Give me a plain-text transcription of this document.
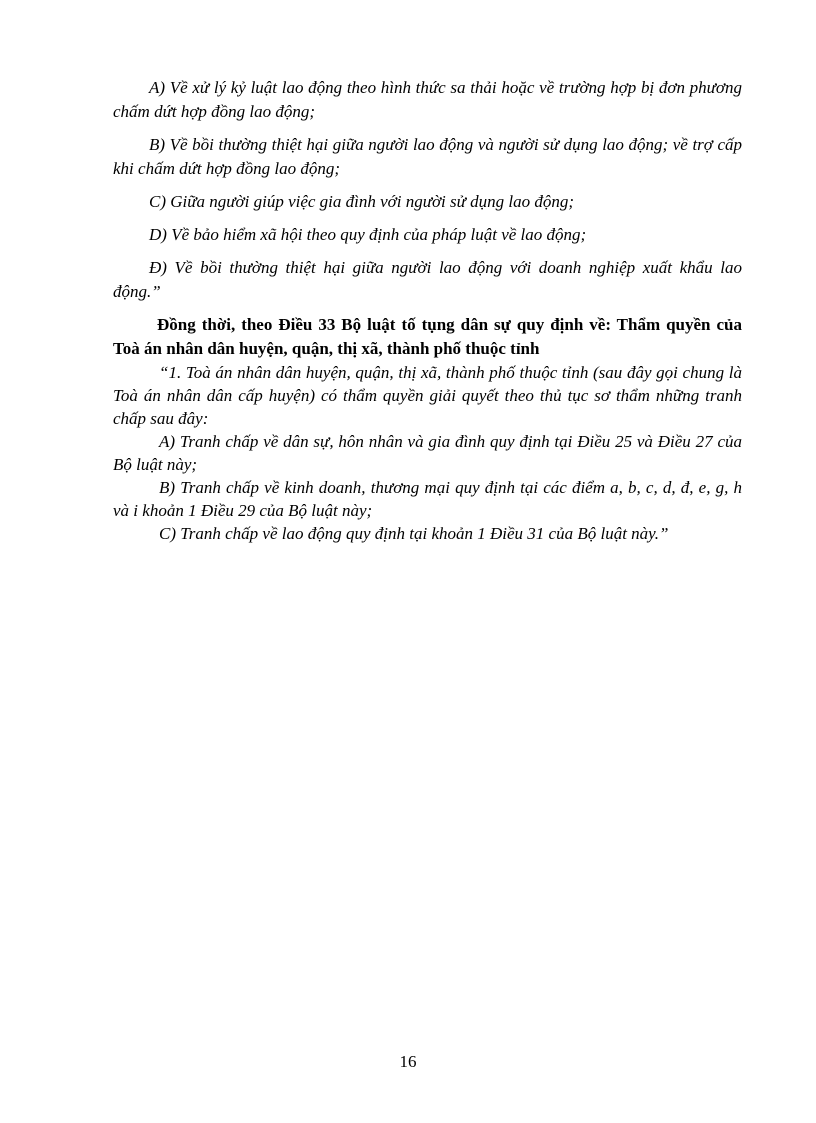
A) Về xử lý kỷ luật lao động theo hình thức sa thải hoặc về trường hợp bị đơn phương chấm dứt hợp đồng lao động;

B) Về bồi thường thiệt hại giữa người lao động và người sử dụng lao động; về trợ cấp khi chấm dứt hợp đồng lao động;

C) Giữa người giúp việc gia đình với người sử dụng lao động;

D) Về bảo hiểm xã hội theo quy định của pháp luật về lao động;

Đ) Về bồi thường thiệt hại giữa người lao động với doanh nghiệp xuất khẩu lao động.”

Đồng thời, theo Điều 33 Bộ luật tố tụng dân sự quy định về: Thẩm quyền của Toà án nhân dân huyện, quận, thị xã, thành phố thuộc tỉnh

“1. Toà án nhân dân huyện, quận, thị xã, thành phố thuộc tỉnh (sau đây gọi chung là Toà án nhân dân cấp huyện) có thẩm quyền giải quyết theo thủ tục sơ thẩm những tranh chấp sau đây:

A) Tranh chấp về dân sự, hôn nhân và gia đình quy định tại Điều 25 và Điều 27 của Bộ luật này;

B) Tranh chấp về kinh doanh, thương mại quy định tại các điểm a, b, c, d, đ, e, g, h và i khoản 1 Điều 29 của Bộ luật này;

C) Tranh chấp về lao động quy định tại khoản 1 Điều 31 của Bộ luật này.”

16
